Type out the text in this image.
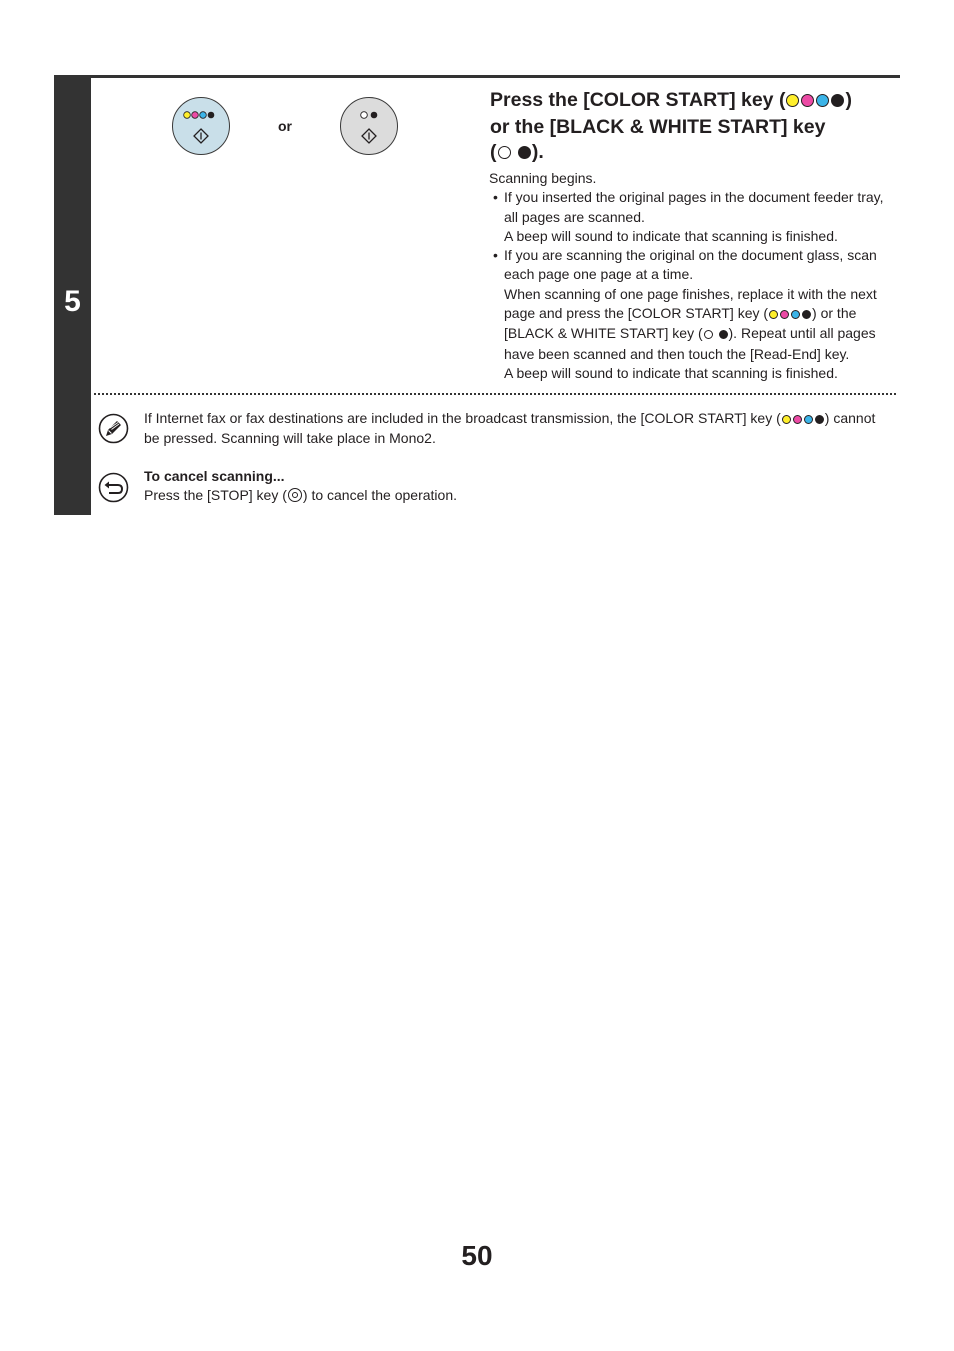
5
or
Press the [COLOR START] key (	)
or the [BLACK & WHITE START] key
( ).

Scanning begins.

• If you inserted the original pages in the document feeder tray, all pages are scanned.

A beep will sound to indicate that scanning is finished.

• If you are scanning the original on the document glass, scan each page one page at a time.

When scanning of one page finishes, replace it with the next page and press the [COLOR START] key (	) or the [BLACK & WHITE START] key ( ). Repeat until all pages have been scanned and then touch the [Read-End] key.

A beep will sound to indicate that scanning is finished.

If Internet fax or fax destinations are included in the broadcast transmission, the [COLOR START] key (	) cannot be pressed. Scanning will take place in Mono2.
To cancel scanning...
Press the [STOP] key ( ) to cancel the operation.
50
